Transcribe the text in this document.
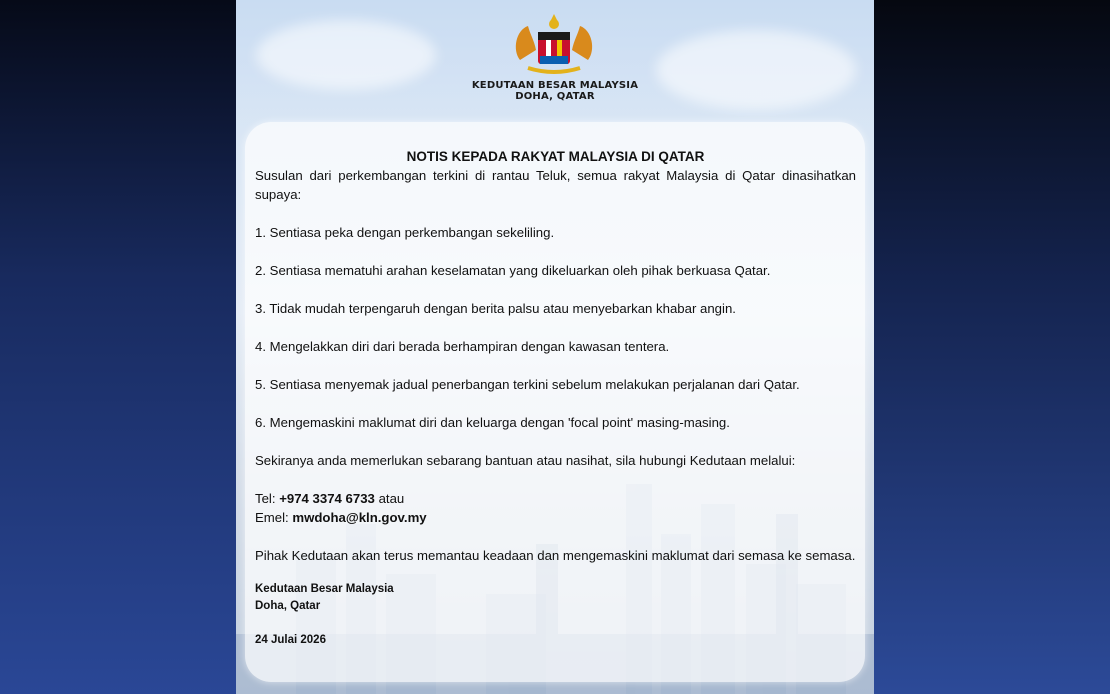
KEDUTAAN BESAR MALAYSIA
DOHA, QATAR

NOTIS KEPADA RAKYAT MALAYSIA DI QATAR

Susulan dari perkembangan terkini di rantau Teluk, semua rakyat Malaysia di Qatar dinasihatkan supaya:

1. Sentiasa peka dengan perkembangan sekeliling.

2. Sentiasa mematuhi arahan keselamatan yang dikeluarkan oleh pihak berkuasa Qatar.

3. Tidak mudah terpengaruh dengan berita palsu atau menyebarkan khabar angin.

4. Mengelakkan diri dari berada berhampiran dengan kawasan tentera.

5. Sentiasa menyemak jadual penerbangan terkini sebelum melakukan perjalanan dari Qatar.

6. Mengemaskini maklumat diri dan keluarga dengan 'focal point' masing-masing.

Sekiranya anda memerlukan sebarang bantuan atau nasihat, sila hubungi Kedutaan melalui:

Tel: +974 3374 6733 atau

Emel: mwdoha@kln.gov.my

Pihak Kedutaan akan terus memantau keadaan dan mengemaskini maklumat dari semasa ke semasa.

Kedutaan Besar Malaysia

Doha, Qatar

24 Julai 2026
